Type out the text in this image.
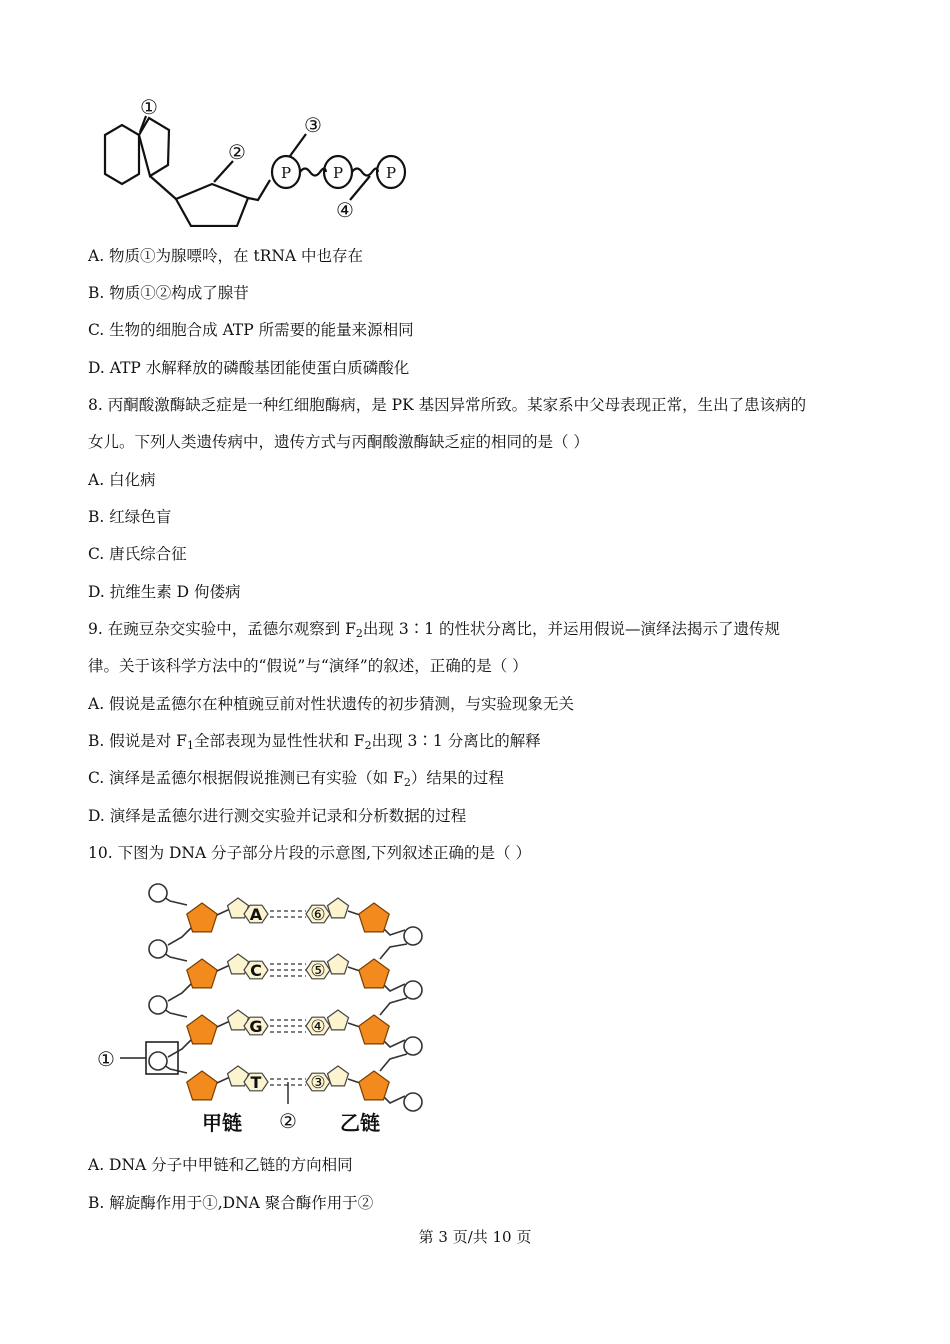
P	P	P
①
②
③
④
A. 物质①为腺嘌呤，在 tRNA 中也存在
B. 物质①②构成了腺苷
C. 生物的细胞合成 ATP 所需要的能量来源相同
D. ATP 水解释放的磷酸基团能使蛋白质磷酸化
8. 丙酮酸激酶缺乏症是一种红细胞酶病，是 PK 基因异常所致。某家系中父母表现正常，生出了患该病的
女儿。下列人类遗传病中，遗传方式与丙酮酸激酶缺乏症的相同的是（ ）
A. 白化病
B. 红绿色盲
C. 唐氏综合征
D. 抗维生素 D 佝偻病
9. 在豌豆杂交实验中，孟德尔观察到 $F_2$出现 3∶1 的性状分离比，并运用假说—演绎法揭示了遗传规
律。关于该科学方法中的“假说”与“演绎”的叙述，正确的是（ ）
A. 假说是孟德尔在种植豌豆前对性状遗传的初步猜测，与实验现象无关
B. 假说是对 $F_1$全部表现为显性性状和 $F_2$出现 3∶1 分离比的解释
C. 演绎是孟德尔根据假说推测已有实验（如 $F_2$）结果的过程
D. 演绎是孟德尔进行测交实验并记录和分析数据的过程
10. 下图为 DNA 分子部分片段的示意图,下列叙述正确的是（ ）
A	⑥
C	⑤
G	④
T	③
①
②
甲链	乙链
A. DNA 分子中甲链和乙链的方向相同
B. 解旋酶作用于①,DNA 聚合酶作用于②
第 3 页/共 10 页
